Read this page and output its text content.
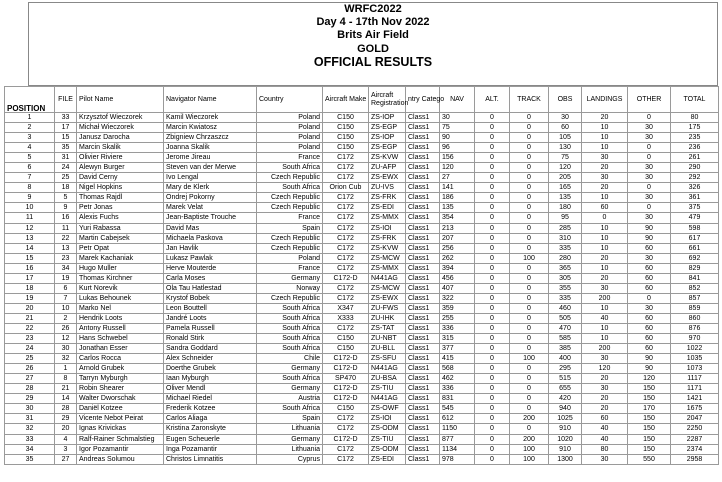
WRFC2022
Day 4 - 17th Nov 2022
Brits Air Field
GOLD
OFFICIAL RESULTS
POSITION	FILE	Pilot Name	Navigator Name	Country	Aircraft Make	Aircraft Registration	ntry Catego	NAV	ALT.	TRACK	OBS	LANDINGS	OTHER	TOTAL
1	33	Krzysztof Wieczorek	Kamil Wieczorek	Poland	C150	ZS-IOP	Class1	30	0	0	30	20	0	80
2	17	Michał Wieczorek	Marcin Kwiatosz	Poland	C150	ZS-EGP	Class1	75	0	0	60	10	30	175
3	15	Janusz Darocha	Zbigniew Chrzaszcz	Poland	C150	ZS-IOP	Class1	90	0	0	105	10	30	235
4	35	Marcin Skalik	Joanna Skalik	Poland	C150	ZS-EGP	Class1	96	0	0	130	10	0	236
5	31	Olivier Riviere	Jerome Jireau	France	C172	ZS-KVW	Class1	156	0	0	75	30	0	261
6	24	Alewyn Burger	Steven van der Merwe	South Africa	C172	ZU-AFP	Class1	120	0	0	120	20	30	290
7	25	David Cerny	Ivo Lengal	Czech Republic	C172	ZS-EWX	Class1	27	0	0	205	30	30	292
8	18	Nigel Hopkins	Mary de Klerk	South Africa	Orion Cub	ZU-IVS	Class1	141	0	0	165	20	0	326
9	5	Thomas Rajdl	Ondrej Pokorny	Czech Republic	C172	ZS-FRK	Class1	186	0	0	135	10	30	361
10	9	Petr Jonas	Marek Velat	Czech Republic	C172	ZS-EDI	Class1	135	0	0	180	60	0	375
11	16	Alexis Fuchs	Jean-Baptiste Trouche	France	C172	ZS-MMX	Class1	354	0	0	95	0	30	479
12	11	Yuri Rabassa	David Mas	Spain	C172	ZS-IOI	Class1	213	0	0	285	10	90	598
13	22	Martin Cabejsek	Michaela Paskova	Czech Republic	C172	ZS-FRK	Class1	207	0	0	310	10	90	617
14	13	Petr Opat	Jan Havlik	Czech Republic	C172	ZS-KVW	Class1	256	0	0	335	10	60	661
15	23	Marek Kachaniak	Lukasz Pawlak	Poland	C172	ZS-MCW	Class1	262	0	100	280	20	30	692
16	34	Hugo Muller	Herve Mouterde	France	C172	ZS-MMX	Class1	394	0	0	365	10	60	829
17	19	Thomas Kirchner	Carla Moses	Germany	C172-D	N441AG	Class1	456	0	0	305	20	60	841
18	6	Kurt Norevik	Ola Tau Hatlestad	Norway	C172	ZS-MCW	Class1	407	0	0	355	30	60	852
19	7	Lukas Behounek	Krystof Bobek	Czech Republic	C172	ZS-EWX	Class1	322	0	0	335	200	0	857
20	10	Marko Nel	Leon Bouttell	South Africa	X347	ZU-FWS	Class1	359	0	0	460	10	30	859
21	2	Hendrik Loots	Jandré Loots	South Africa	X333	ZU-IHK	Class1	255	0	0	505	40	60	860
22	26	Antony Russell	Pamela Russell	South Africa	C172	ZS-TAT	Class1	336	0	0	470	10	60	876
23	12	Hans Schwebel	Ronald Stirk	South Africa	C150	ZU-NBT	Class1	315	0	0	585	10	60	970
24	30	Jonathan Esser	Sandra Goddard	South Africa	C150	ZU-BLL	Class1	377	0	0	385	200	60	1022
25	32	Carlos Rocca	Alex Schneider	Chile	C172-D	ZS-SFU	Class1	415	0	100	400	30	90	1035
26	1	Arnold Grubek	Doerthe Grubek	Germany	C172-D	N441AG	Class1	568	0	0	295	120	90	1073
27	8	Tarryn Myburgh	Iaan Myburgh	South Africa	SP470	ZU-BSA	Class1	462	0	0	515	20	120	1117
28	21	Robin Shearer	Oliver Mendl	Germany	C172-D	ZS-TIU	Class1	336	0	0	655	30	150	1171
29	14	Walter Dworschak	Michael Riedel	Austria	C172-D	N441AG	Class1	831	0	0	420	20	150	1421
30	28	Daniël Kotzee	Frederik Kotzee	South Africa	C150	ZS-OWF	Class1	545	0	0	940	20	170	1675
31	29	Vicente Nebot Peirat	Carlos Aliaga	Spain	C172	ZS-IOI	Class1	612	0	200	1025	60	150	2047
32	20	Ignas Krivickas	Kristina Zaronskyte	Lithuania	C172	ZS-ODM	Class1	1150	0	0	910	40	150	2250
33	4	Ralf-Rainer Schmalstieg	Eugen Scheuerle	Germany	C172-D	ZS-TIU	Class1	877	0	200	1020	40	150	2287
34	3	Igor Pozamantir	Inga Pozamantir	Lithuania	C172	ZS-ODM	Class1	1134	0	100	910	80	150	2374
35	27	Andreas Solumou	Christos Limnatitis	Cyprus	C172	ZS-EDI	Class1	978	0	100	1300	30	550	2958
